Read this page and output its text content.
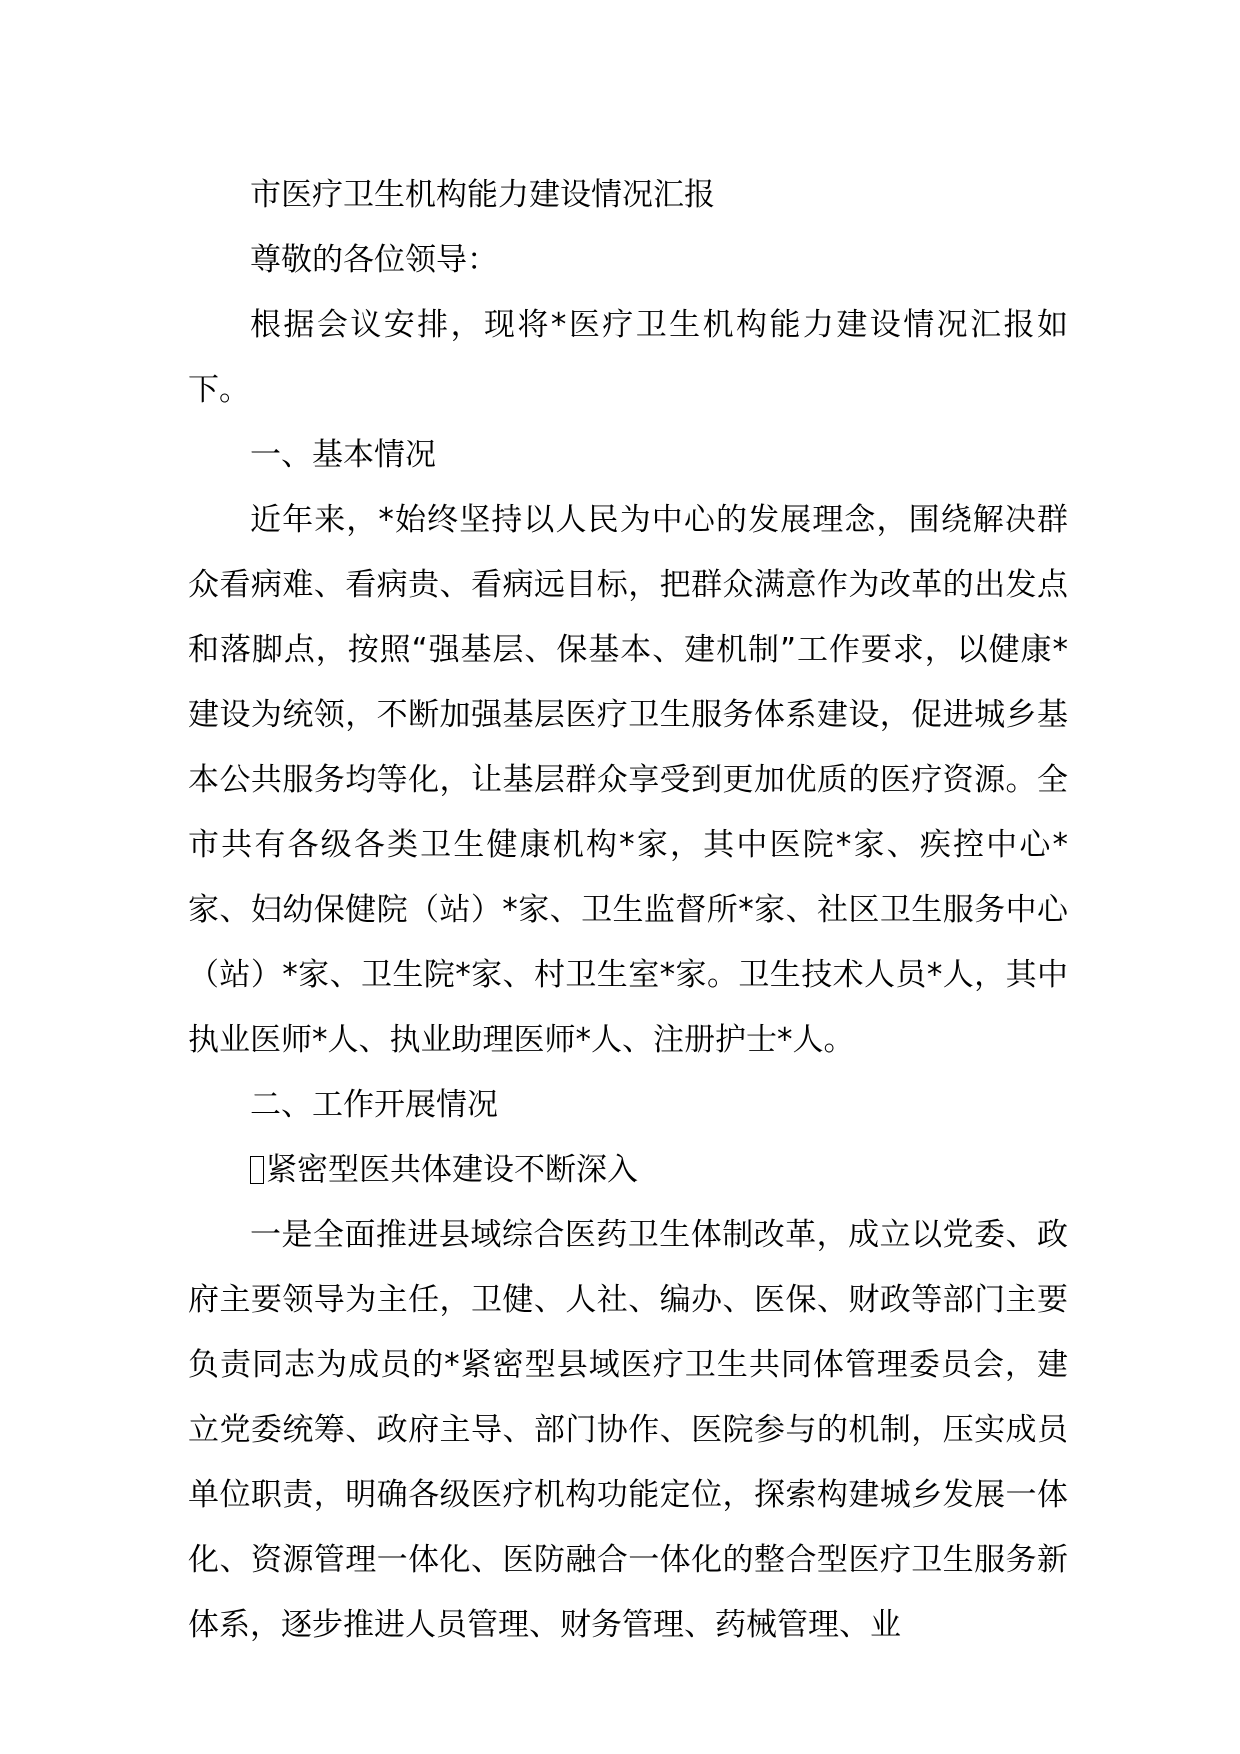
市医疗卫生机构能力建设情况汇报

尊敬的各位领导：

根据会议安排，现将*医疗卫生机构能力建设情况汇报如下。

一、基本情况

近年来，*始终坚持以人民为中心的发展理念，围绕解决群众看病难、看病贵、看病远目标，把群众满意作为改革的出发点和落脚点，按照“强基层、保基本、建机制”工作要求，以健康*建设为统领，不断加强基层医疗卫生服务体系建设，促进城乡基本公共服务均等化，让基层群众享受到更加优质的医疗资源。全市共有各级各类卫生健康机构*家，其中医院*家、疾控中心*家、妇幼保健院（站）*家、卫生监督所*家、社区卫生服务中心（站）*家、卫生院*家、村卫生室*家。卫生技术人员*人，其中执业医师*人、执业助理医师*人、注册护士*人。

二、工作开展情况

紧密型医共体建设不断深入

一是全面推进县域综合医药卫生体制改革，成立以党委、政府主要领导为主任，卫健、人社、编办、医保、财政等部门主要负责同志为成员的*紧密型县域医疗卫生共同体管理委员会，建立党委统筹、政府主导、部门协作、医院参与的机制，压实成员单位职责，明确各级医疗机构功能定位，探索构建城乡发展一体化、资源管理一体化、医防融合一体化的整合型医疗卫生服务新体系，逐步推进人员管理、财务管理、药械管理、业
